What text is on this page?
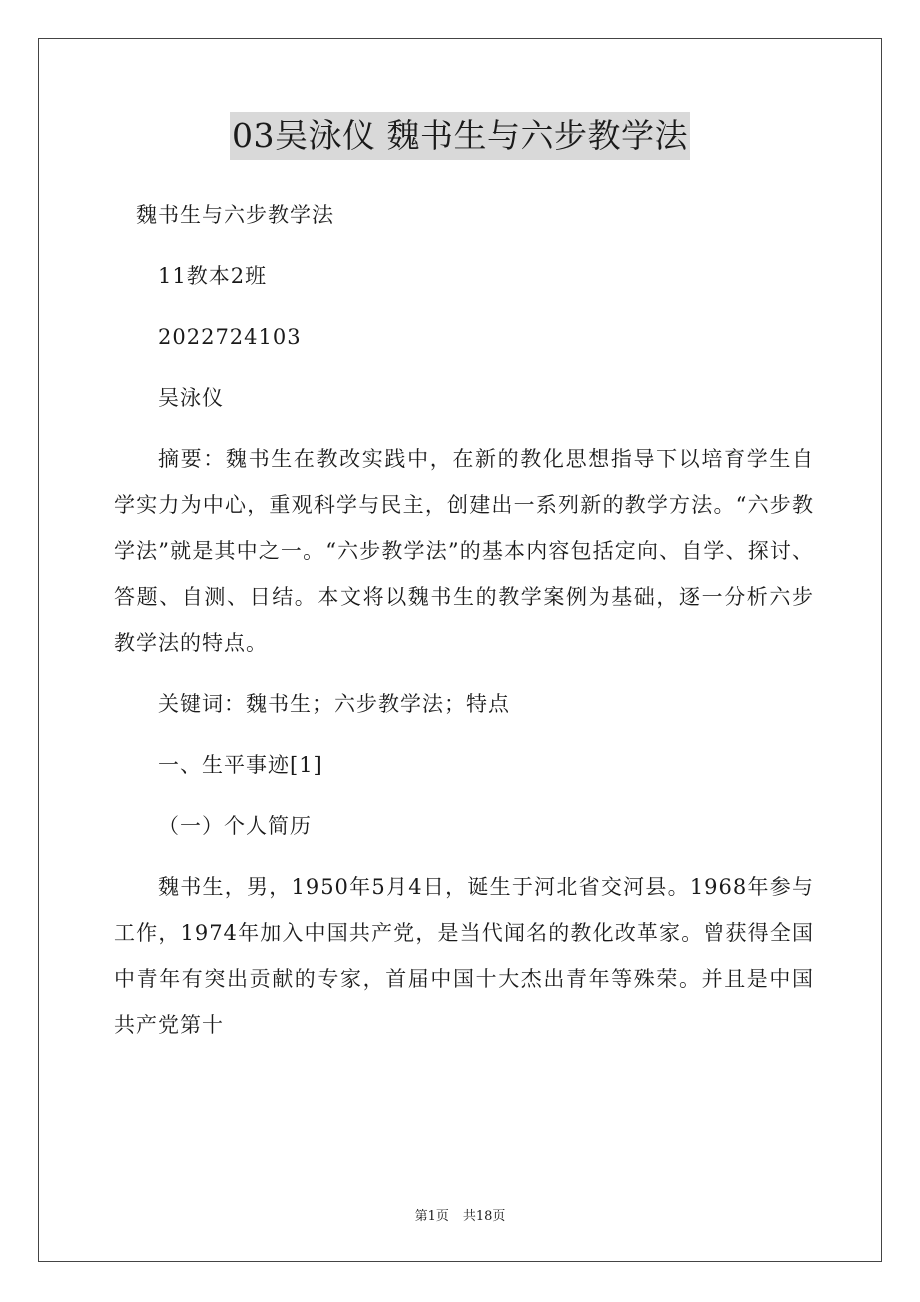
03吴泳仪 魏书生与六步教学法

魏书生与六步教学法

11教本2班

2022724103

吴泳仪

摘要：魏书生在教改实践中，在新的教化思想指导下以培育学生自学实力为中心，重观科学与民主，创建出一系列新的教学方法。“六步教学法”就是其中之一。“六步教学法”的基本内容包括定向、自学、探讨、答题、自测、日结。本文将以魏书生的教学案例为基础，逐一分析六步教学法的特点。

关键词：魏书生；六步教学法；特点

一、生平事迹[1]

（一）个人简历

魏书生，男，1950年5月4日，诞生于河北省交河县。1968年参与工作，1974年加入中国共产党，是当代闻名的教化改革家。曾获得全国中青年有突出贡献的专家，首届中国十大杰出青年等殊荣。并且是中国共产党第十

第1页 共18页
